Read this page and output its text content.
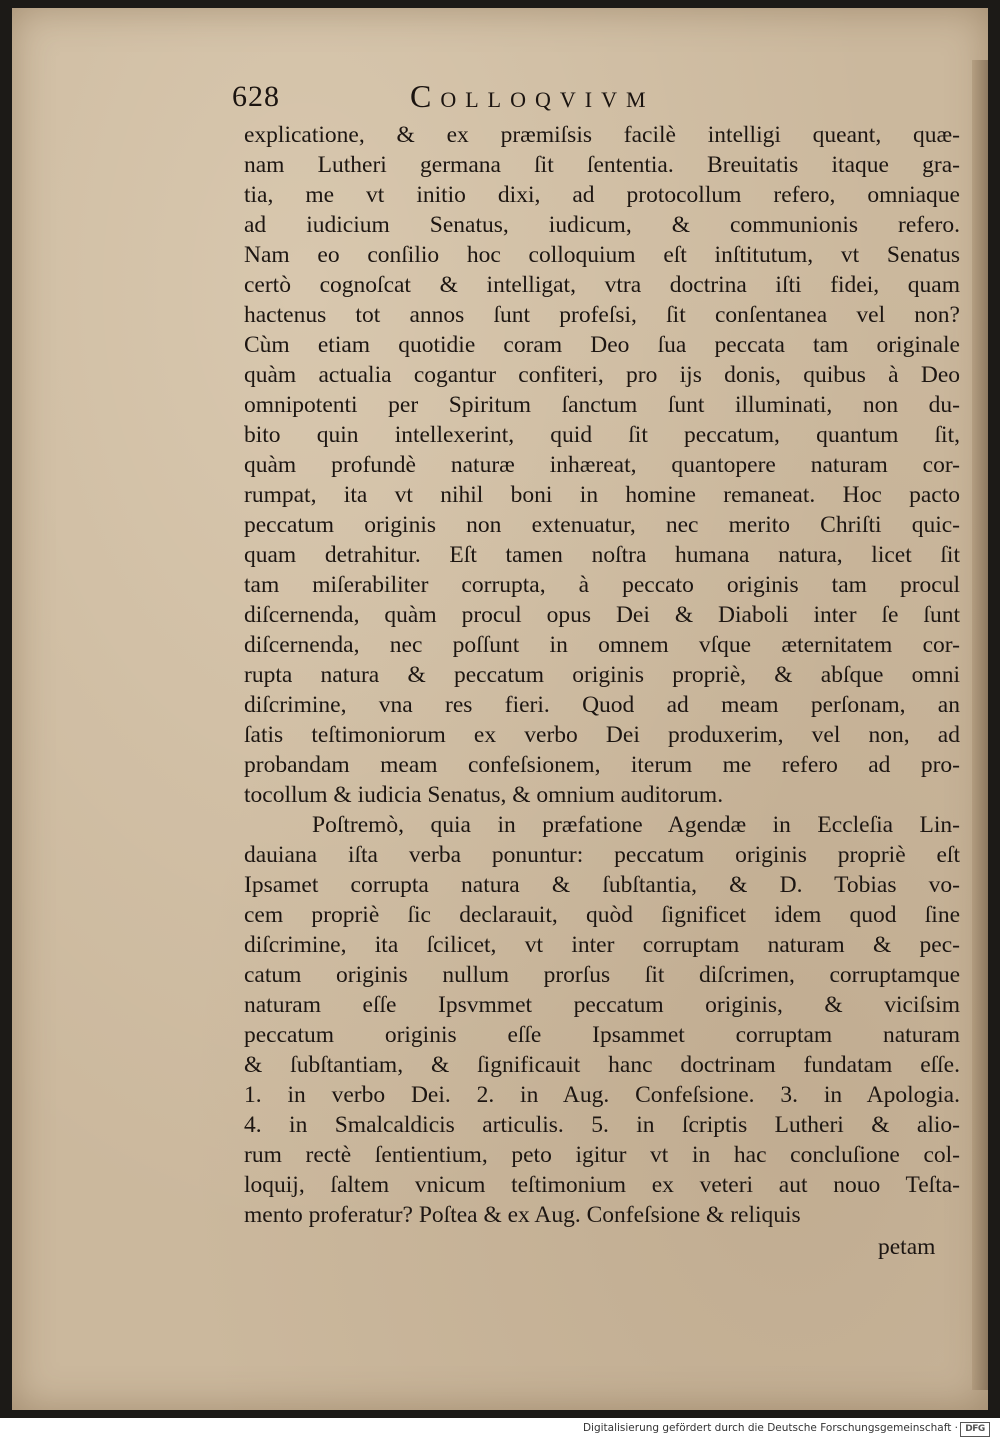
628	Colloqvivm
explicatione, & ex præmiſsis facilè intelligi queant, quæ-
nam Lutheri germana ſit ſententia. Breuitatis itaque gra-
tia, me vt initio dixi, ad protocollum refero, omniaque
ad iudicium Senatus, iudicum, & communionis refero.
Nam eo conſilio hoc colloquium eſt inſtitutum, vt Senatus
certò cognoſcat & intelligat, vtra doctrina iſti fidei, quam
hactenus tot annos ſunt profeſsi, ſit conſentanea vel non?
Cùm etiam quotidie coram Deo ſua peccata tam originale
quàm actualia cogantur confiteri, pro ijs donis, quibus à Deo
omnipotenti per Spiritum ſanctum ſunt illuminati, non du-
bito quin intellexerint, quid ſit peccatum, quantum ſit,
quàm profundè naturæ inhæreat, quantopere naturam cor-
rumpat, ita vt nihil boni in homine remaneat. Hoc pacto
peccatum originis non extenuatur, nec merito Chriſti quic-
quam detrahitur. Eſt tamen noſtra humana natura, licet ſit
tam miſerabiliter corrupta, à peccato originis tam procul
diſcernenda, quàm procul opus Dei & Diaboli inter ſe ſunt
diſcernenda, nec poſſunt in omnem vſque æternitatem cor-
rupta natura & peccatum originis propriè, & abſque omni
diſcrimine, vna res fieri. Quod ad meam perſonam, an
ſatis teſtimoniorum ex verbo Dei produxerim, vel non, ad
probandam meam confeſsionem, iterum me refero ad pro-
tocollum & iudicia Senatus, & omnium auditorum.
Poſtremò, quia in præfatione Agendæ in Eccleſia Lin-
dauiana iſta verba ponuntur: peccatum originis propriè eſt
Ipsamet corrupta natura & ſubſtantia, & D. Tobias vo-
cem propriè ſic declarauit, quòd ſignificet idem quod ſine
diſcrimine, ita ſcilicet, vt inter corruptam naturam & pec-
catum originis nullum prorſus ſit diſcrimen, corruptamque
naturam eſſe Ipsvmmet peccatum originis, & viciſsim
peccatum originis eſſe Ipsammet corruptam naturam
& ſubſtantiam, & ſignificauit hanc doctrinam fundatam eſſe.
1. in verbo Dei. 2. in Aug. Confeſsione. 3. in Apologia.
4. in Smalcaldicis articulis. 5. in ſcriptis Lutheri & alio-
rum rectè ſentientium, peto igitur vt in hac concluſione col-
loquij, ſaltem vnicum teſtimonium ex veteri aut nouo Teſta-
mento proferatur? Poſtea & ex Aug. Confeſsione & reliquis
petam
Digitalisierung gefördert durch die Deutsche Forschungsgemeinschaft · DFG
